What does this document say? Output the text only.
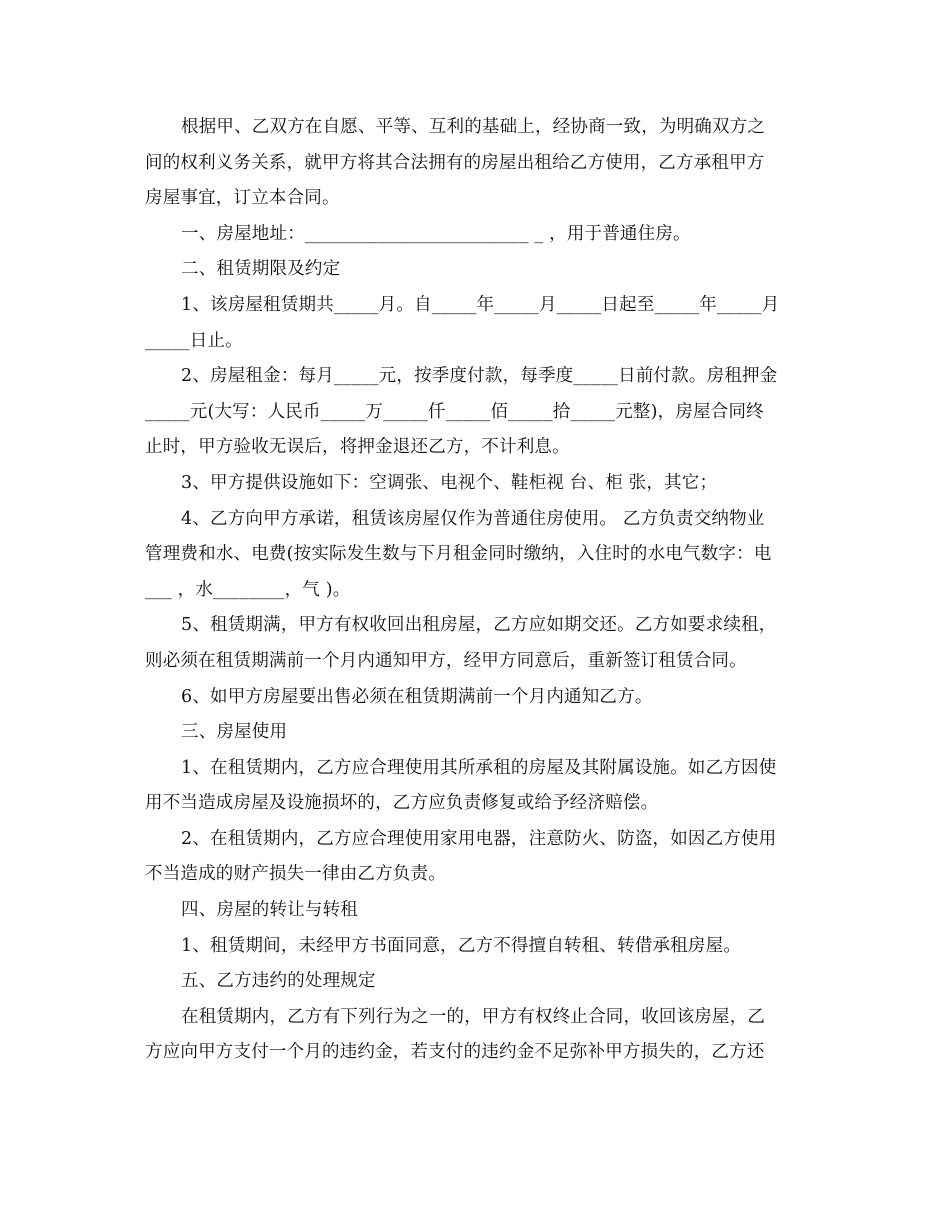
根据甲、乙双方在自愿、平等、互利的基础上，经协商一致，为明确双方之
间的权利义务关系，就甲方将其合法拥有的房屋出租给乙方使用，乙方承租甲方
房屋事宜，订立本合同。
一、房屋地址：_________________________ _ ，用于普通住房。
二、租赁期限及约定
1、该房屋租赁期共_____月。自_____年_____月_____日起至_____年_____月
_____日止。
2、房屋租金：每月_____元，按季度付款，每季度_____日前付款。房租押金
_____元(大写：人民币_____万_____仟_____佰_____拾_____元整)，房屋合同终
止时，甲方验收无误后，将押金退还乙方，不计利息。
3、甲方提供设施如下：空调张、电视个、鞋柜视 台、柜 张，其它；
4、乙方向甲方承诺，租赁该房屋仅作为普通住房使用。 乙方负责交纳物业
管理费和水、电费(按实际发生数与下月租金同时缴纳，入住时的水电气数字：电
___ ，水________，气 )。
5、租赁期满，甲方有权收回出租房屋，乙方应如期交还。乙方如要求续租，
则必须在租赁期满前一个月内通知甲方，经甲方同意后，重新签订租赁合同。
6、如甲方房屋要出售必须在租赁期满前一个月内通知乙方。
三、房屋使用
1、在租赁期内，乙方应合理使用其所承租的房屋及其附属设施。如乙方因使
用不当造成房屋及设施损坏的，乙方应负责修复或给予经济赔偿。
2、在租赁期内，乙方应合理使用家用电器，注意防火、防盗，如因乙方使用
不当造成的财产损失一律由乙方负责。
四、房屋的转让与转租
1、租赁期间，未经甲方书面同意，乙方不得擅自转租、转借承租房屋。
五、乙方违约的处理规定
在租赁期内，乙方有下列行为之一的，甲方有权终止合同，收回该房屋，乙
方应向甲方支付一个月的违约金，若支付的违约金不足弥补甲方损失的，乙方还
